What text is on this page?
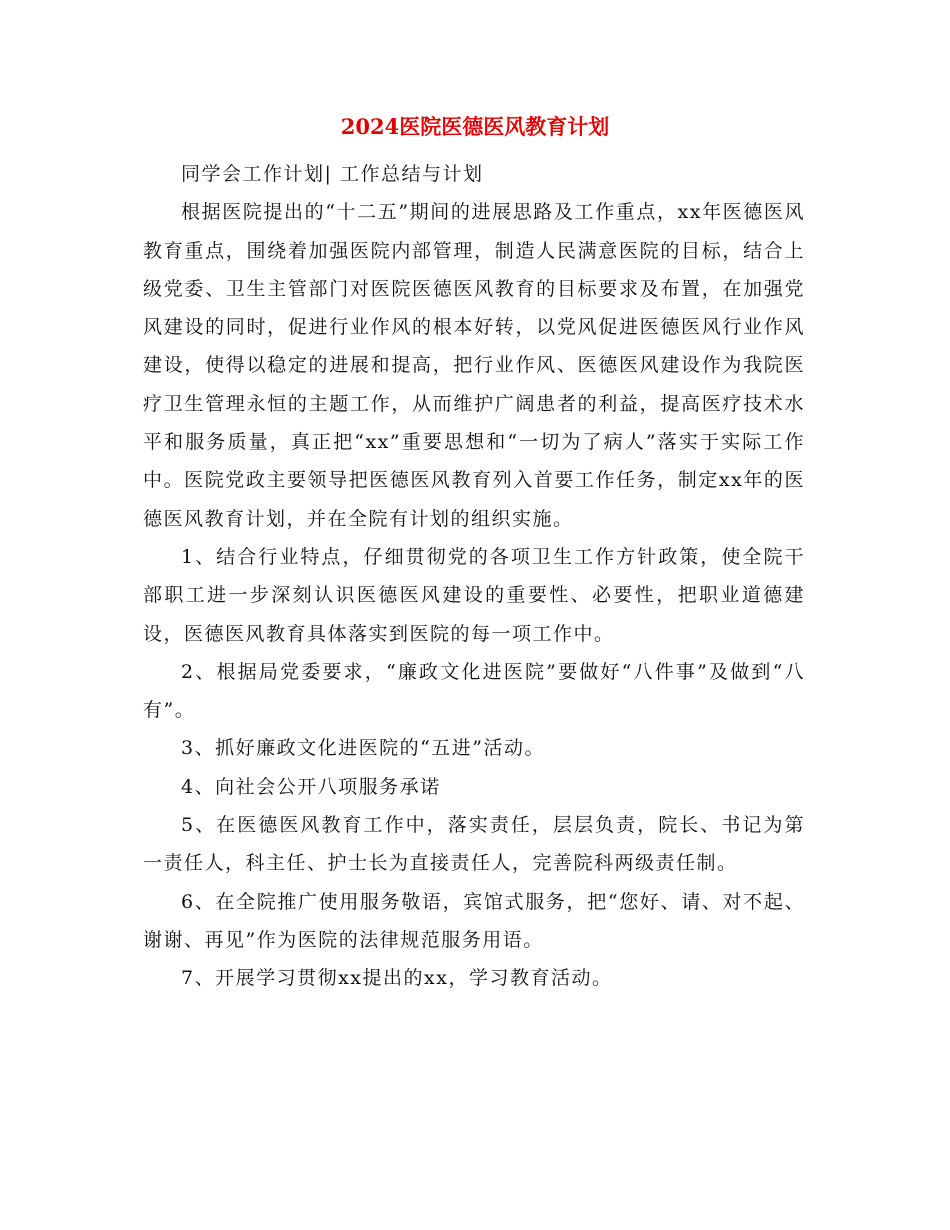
2024医院医德医风教育计划

同学会工作计划| 工作总结与计划

根据医院提出的“十二五”期间的进展思路及工作重点，xx年医德医风教育重点，围绕着加强医院内部管理，制造人民满意医院的目标，结合上级党委、卫生主管部门对医院医德医风教育的目标要求及布置，在加强党风建设的同时，促进行业作风的根本好转，以党风促进医德医风行业作风建设，使得以稳定的进展和提高，把行业作风、医德医风建设作为我院医疗卫生管理永恒的主题工作，从而维护广阔患者的利益，提高医疗技术水平和服务质量，真正把“xx”重要思想和“一切为了病人”落实于实际工作中。医院党政主要领导把医德医风教育列入首要工作任务，制定xx年的医德医风教育计划，并在全院有计划的组织实施。

1、结合行业特点，仔细贯彻党的各项卫生工作方针政策，使全院干部职工进一步深刻认识医德医风建设的重要性、必要性，把职业道德建设，医德医风教育具体落实到医院的每一项工作中。

2、根据局党委要求，“廉政文化进医院”要做好“八件事”及做到“八有”。

3、抓好廉政文化进医院的“五进”活动。

4、向社会公开八项服务承诺

5、在医德医风教育工作中，落实责任，层层负责，院长、书记为第一责任人，科主任、护士长为直接责任人，完善院科两级责任制。

6、在全院推广使用服务敬语，宾馆式服务，把“您好、请、对不起、谢谢、再见”作为医院的法律规范服务用语。

7、开展学习贯彻xx提出的xx，学习教育活动。
